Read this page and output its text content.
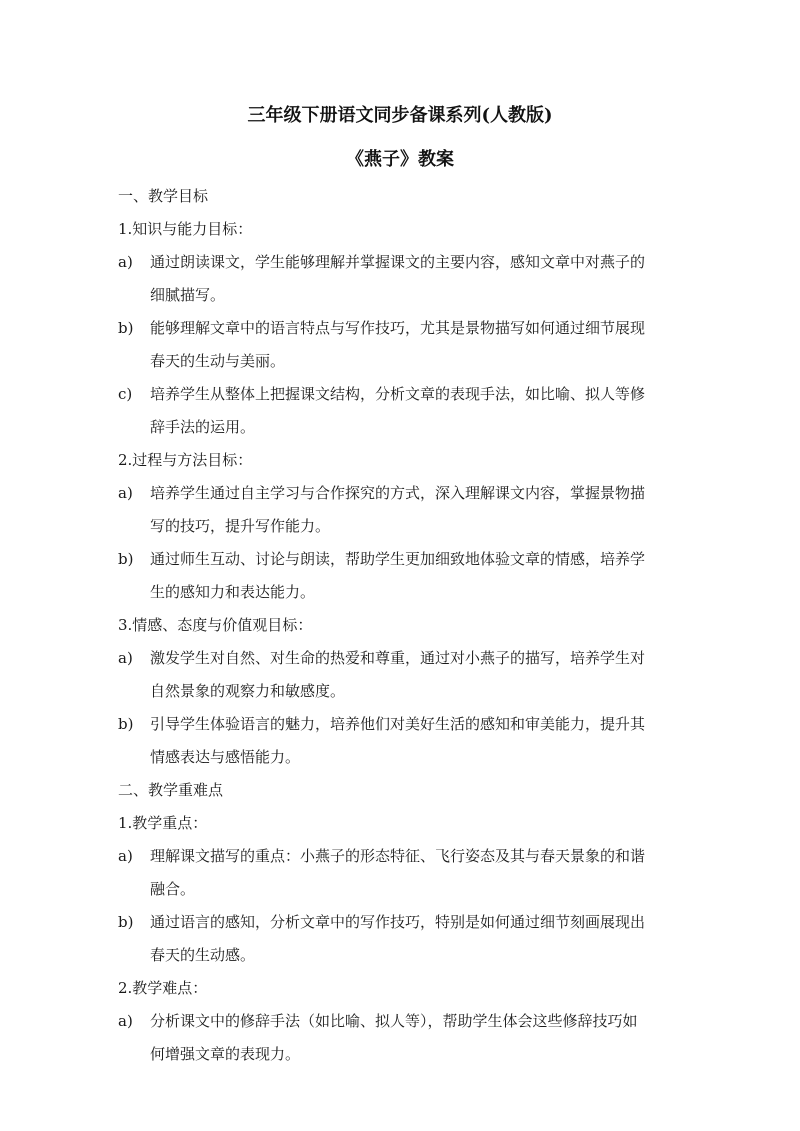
三年级下册语文同步备课系列(人教版)
《燕子》教案
一、教学目标
1.知识与能力目标：
a) 通过朗读课文，学生能够理解并掌握课文的主要内容，感知文章中对燕子的
细腻描写。
b) 能够理解文章中的语言特点与写作技巧，尤其是景物描写如何通过细节展现
春天的生动与美丽。
c) 培养学生从整体上把握课文结构，分析文章的表现手法，如比喻、拟人等修
辞手法的运用。
2.过程与方法目标：
a) 培养学生通过自主学习与合作探究的方式，深入理解课文内容，掌握景物描
写的技巧，提升写作能力。
b) 通过师生互动、讨论与朗读，帮助学生更加细致地体验文章的情感，培养学
生的感知力和表达能力。
3.情感、态度与价值观目标：
a) 激发学生对自然、对生命的热爱和尊重，通过对小燕子的描写，培养学生对
自然景象的观察力和敏感度。
b) 引导学生体验语言的魅力，培养他们对美好生活的感知和审美能力，提升其
情感表达与感悟能力。
二、教学重难点
1.教学重点：
a) 理解课文描写的重点：小燕子的形态特征、飞行姿态及其与春天景象的和谐
融合。
b) 通过语言的感知，分析文章中的写作技巧，特别是如何通过细节刻画展现出
春天的生动感。
2.教学难点：
a) 分析课文中的修辞手法（如比喻、拟人等），帮助学生体会这些修辞技巧如
何增强文章的表现力。
